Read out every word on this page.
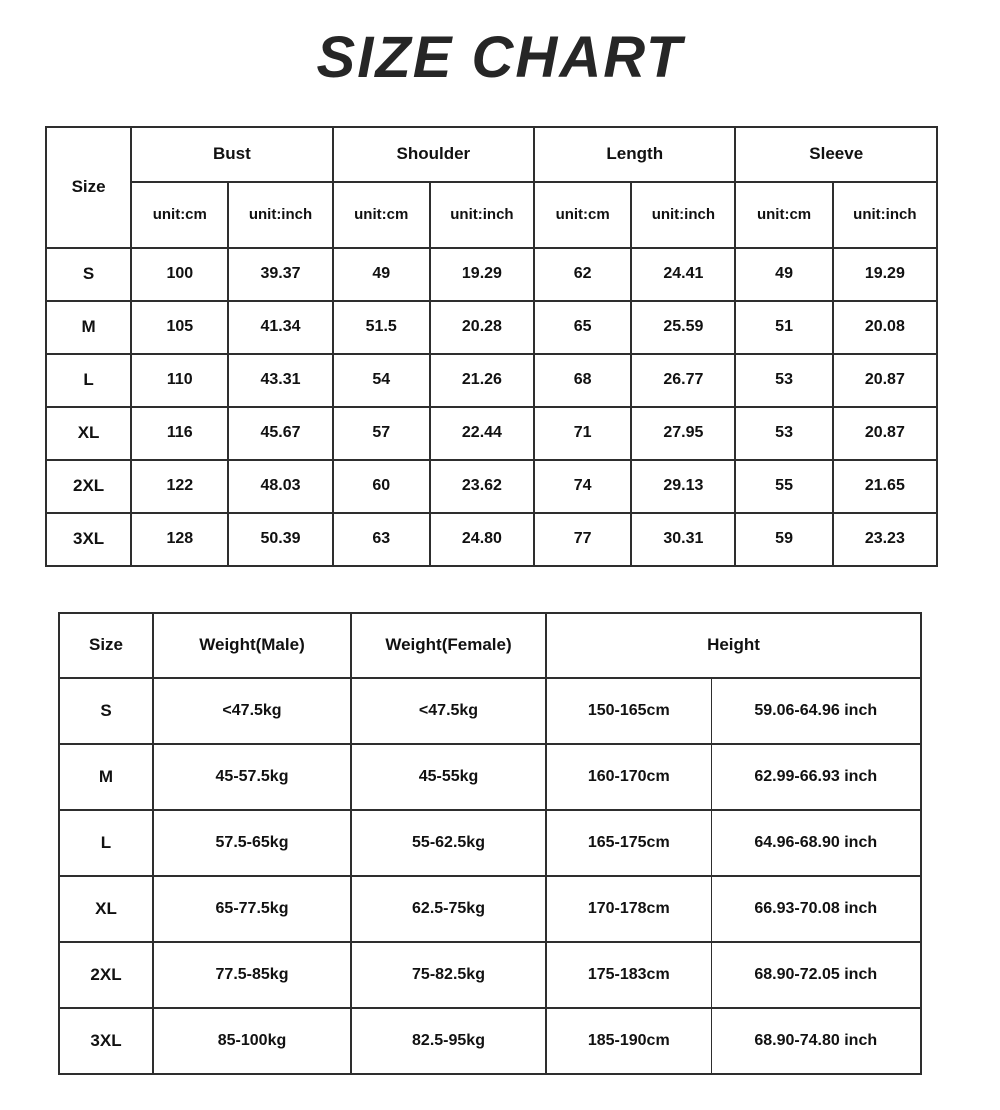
SIZE CHART
Size	Bust		Shoulder		Length		Sleeve	
	unit:cm	unit:inch	unit:cm	unit:inch	unit:cm	unit:inch	unit:cm	unit:inch
S	100	39.37	49	19.29	62	24.41	49	19.29
M	105	41.34	51.5	20.28	65	25.59	51	20.08
L	110	43.31	54	21.26	68	26.77	53	20.87
XL	116	45.67	57	22.44	71	27.95	53	20.87
2XL	122	48.03	60	23.62	74	29.13	55	21.65
3XL	128	50.39	63	24.80	77	30.31	59	23.23
Size	Weight(Male)	Weight(Female)	Height	
S	<47.5kg	<47.5kg	150-165cm	59.06-64.96 inch
M	45-57.5kg	45-55kg	160-170cm	62.99-66.93 inch
L	57.5-65kg	55-62.5kg	165-175cm	64.96-68.90 inch
XL	65-77.5kg	62.5-75kg	170-178cm	66.93-70.08 inch
2XL	77.5-85kg	75-82.5kg	175-183cm	68.90-72.05 inch
3XL	85-100kg	82.5-95kg	185-190cm	68.90-74.80 inch
